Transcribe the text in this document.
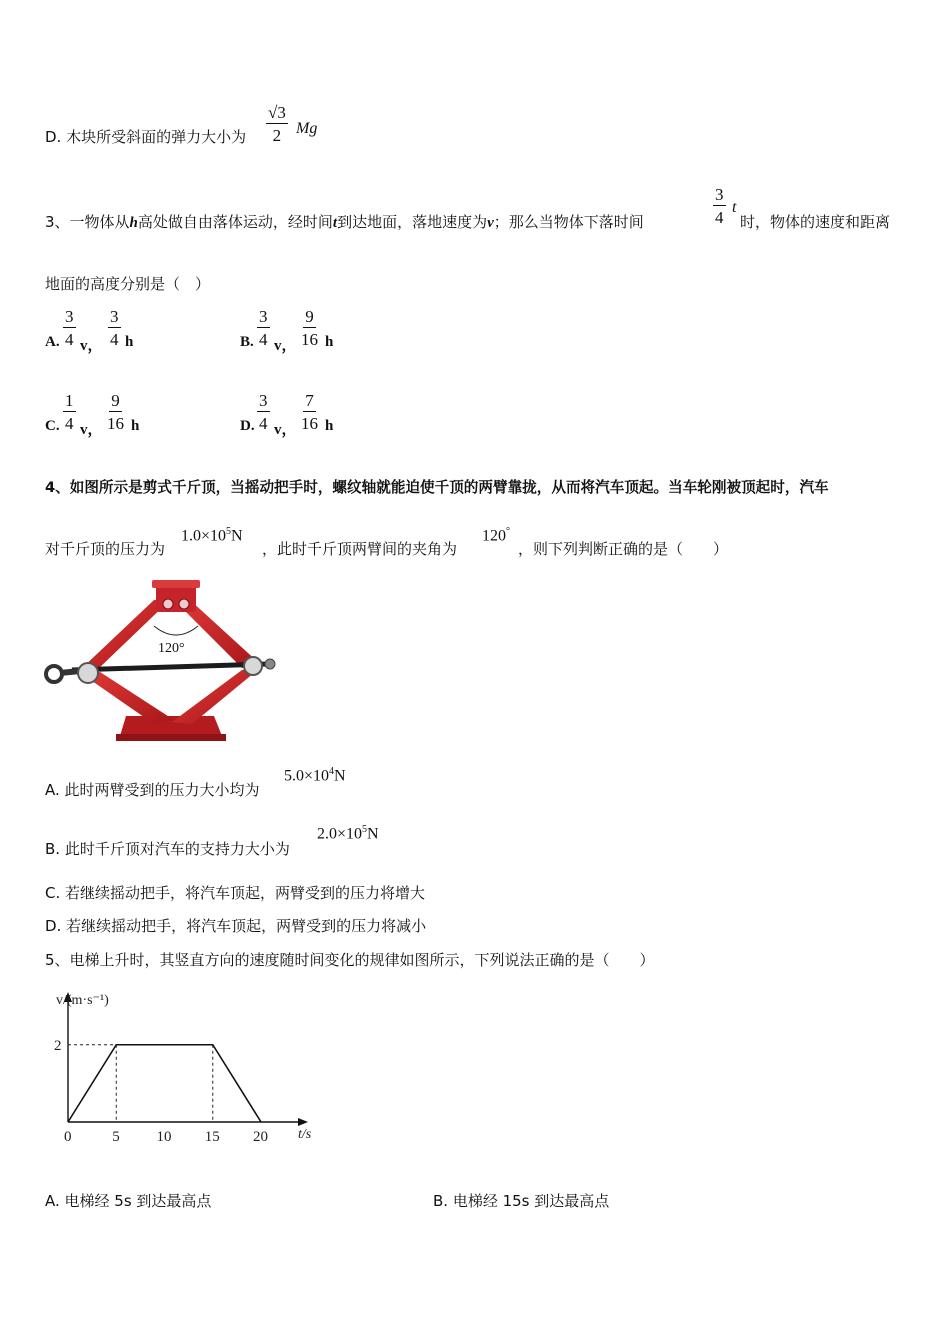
D. 木块所受斜面的弹力大小为 $\frac{√3}{2}$ Mg
3、一物体从h高处做自由落体运动，经时间t到达地面，落地速度为v；那么当物体下落时间	$\frac{3}{4}$ t
时，物体的速度和距离
地面的高度分别是（　）
A. $\frac{3}{4}$ v， $\frac{3}{4}$ h	B. $\frac{3}{4}$ v， $\frac{9}{16}$ h
C. $\frac{1}{4}$ v， $\frac{9}{16}$ h	D. $\frac{3}{4}$ v， $\frac{7}{16}$ h
4、如图所示是剪式千斤顶，当摇动把手时，螺纹轴就能迫使千顶的两臂靠拢，从而将汽车顶起。当车轮刚被顶起时，汽车
对千斤顶的压力为
$1.0\times 10^5N$
，此时千斤顶两臂间的夹角为
120°
，则下列判断正确的是（　　）
120°
A. 此时两臂受到的压力大小均为
$5.0\times 10^4N$
B. 此时千斤顶对汽车的支持力大小为
$2.0\times 10^5N$
C. 若继续摇动把手，将汽车顶起，两臂受到的压力将增大
D. 若继续摇动把手，将汽车顶起，两臂受到的压力将减小
5、电梯上升时，其竖直方向的速度随时间变化的规律如图所示，下列说法正确的是（　　）
v/(m·s⁻¹)
t/s
0	5 10 15 20
2
A. 电梯经 5s 到达最高点	B. 电梯经 15s 到达最高点
